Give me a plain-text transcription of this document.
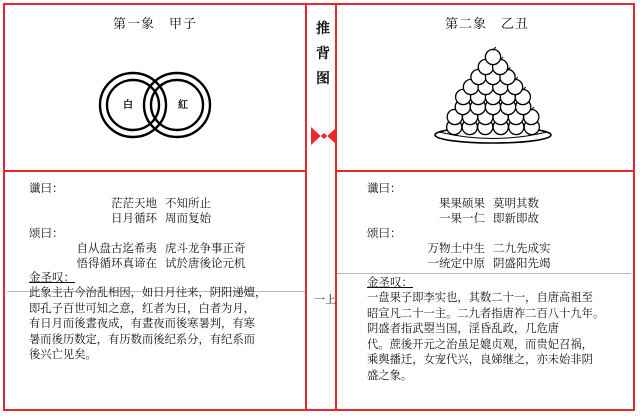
推
背
图
一上
第一象　甲子
白	紅
谶曰：
茫茫天地 不知所止
日月循环 周而复始
颂曰：
自从盘古迄希夷 虎斗龙争事正奇
悟得循环真谛在 试於唐後论元机
金圣叹：
此象主古今治乱相因，如日月往来，阴阳递嬗，
即孔子百世可知之意，红者为日，白者为月，
有日月而後晝夜成，有晝夜而後寒暑判，有寒
暑而後历数定，有历数而後纪系分，有纪系而
後兴亡见矣。
第二象　乙丑
谶曰：
果果硕果 莫明其数
一果一仁 即新即故
颂曰：
万物土中生 二九先成实
一统定中原 阴盛阳先竭
金圣叹：
一盘果子即李实也，其数二十一，自唐高祖至
昭宣凡二十一主。二九者指唐祚二百八十九年。
阴盛者指武曌当国，淫昏乱政，几危唐
代。蔗後开元之治虽足媲贞观，而贵妃召祸，
乘舆播迁，女宠代兴，良娣继之，亦未始非阴
盛之象。
